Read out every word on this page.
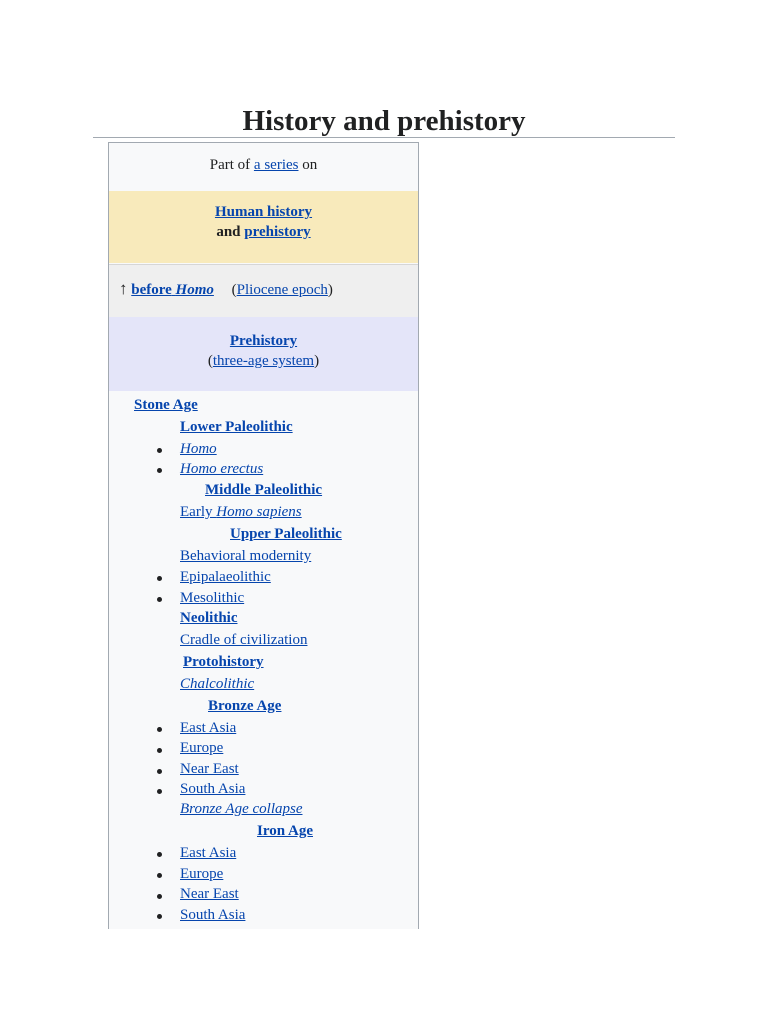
History and prehistory
Part of a series on
Human history
and prehistory
↑ before Homo (Pliocene epoch)
Prehistory
(three-age system)
Stone Age
Lower Paleolithic
Homo
Homo erectus
Middle Paleolithic
Early Homo sapiens
Upper Paleolithic
Behavioral modernity
Epipalaeolithic
Mesolithic
Neolithic
Cradle of civilization
Protohistory
Chalcolithic
Bronze Age
East Asia
Europe
Near East
South Asia
Bronze Age collapse
Iron Age
East Asia
Europe
Near East
South Asia
